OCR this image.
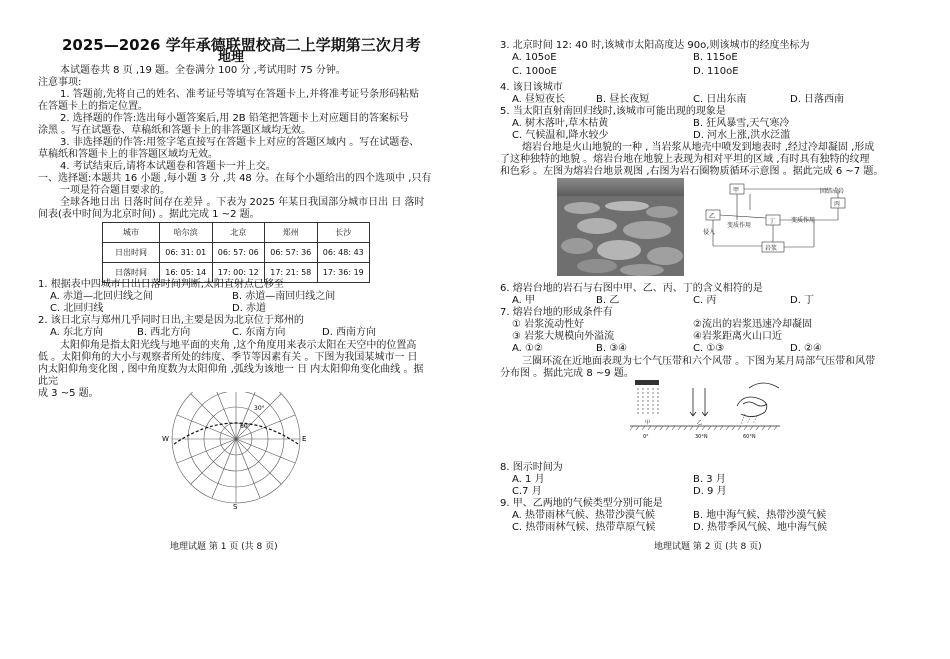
2025—2026 学年承德联盟校高二上学期第三次月考
地理
本试题卷共 8 页 ,19 题。全卷满分 100 分 ,考试用时 75 分钟。
注意事项:
1. 答题前,先将自己的姓名、准考证号等填写在答题卡上,并将准考证号条形码粘贴
在答题卡上的指定位置。
2. 选择题的作答:选出每小题答案后,用 2B 铅笔把答题卡上对应题目的答案标号
涂黑 。写在试题卷、草稿纸和答题卡上的非答题区域均无效。
3. 非选择题的作答:用签字笔直接写在答题卡上对应的答题区域内 。写在试题卷、
草稿纸和答题卡上的非答题区域均无效。
4. 考试结束后,请将本试题卷和答题卡一并上交。
一、选择题:本题共 16 小题 ,每小题 3 分 ,共 48 分。在每个小题给出的四个选项中 ,只有
一项是符合题目要求的。
全球各地日出 日落时间存在差异 。下表为 2025 年某日我国部分城市日出 日 落时
间表(表中时间为北京时间) 。据此完成 1 ~2 题。
城市	哈尔滨	北京	郑州	长沙
日出时间	06: 31: 01	06: 57: 06	06: 57: 36	06: 48: 43
日落时间	16: 05: 14	17: 00: 12	17: 21: 58	17: 36: 19
1. 根据表中四城市日出日落时间判断,太阳直射点已移至
A. 赤道—北回归线之间	B. 赤道—南回归线之间
C. 北回归线	D. 赤道
2. 该日北京与郑州几乎同时日出,主要是因为北京位于郑州的
A. 东北方向	B. 西北方向	C. 东南方向	D. 西南方向
太阳仰角是指太阳光线与地平面的夹角 ,这个角度用来表示太阳在天空中的位置高
低 。太阳仰角的大小与观察者所处的纬度、季节等因素有关 。下图为我国某城市一 日
内太阳仰角变化图 , 图中角度数为太阳仰角 ,弧线为该地一 日 内太阳仰角变化曲线 。据
此完
成 3 ~5 题。
W	E
S
30°
60°
地理试题 第 1 页 (共 8 页)
3. 北京时间 12: 40 时,该城市太阳高度达 90o,则该城市的经度坐标为
A. 105oE	B. 115oE
C. 100oE	D. 110oE
4. 该日该城市
A. 昼短夜长	B. 昼长夜短	C. 日出东南	D. 日落西南
5. 当太阳直射南回归线时,该城市可能出现的现象是
A. 树木落叶,草木枯黄	B. 狂风暴雪,天气寒冷
C. 气候温和,降水较少	D. 河水上涨,洪水泛滥
熔岩台地是火山地貌的一种 , 当岩浆从地壳中喷发到地表时 ,经过冷却凝固 ,形成
了这种独特的地貌 。熔岩台地在地貌上表现为相对平坦的区域 ,有时具有独特的纹理
和色彩 。左图为熔岩台地景观图 ,右图为岩石圈物质循环示意图 。据此完成 6 ~7 题。
乙
甲
丙
丁
岩浆
固结成岩
侵入
变质作用
变质作用
6. 熔岩台地的岩石与右图中甲、乙、丙、丁的含义相符的是
A. 甲	B. 乙	C. 丙	D. 丁
7. 熔岩台地的形成条件有
① 岩浆流动性好	②流出的岩浆迅速冷却凝固
③ 岩浆大规模向外溢流	④岩浆距离火山口近
A. ①②	B. ③④	C. ①③	D. ②④
三圈环流在近地面表现为七个气压带和六个风带 。下图为某月局部气压带和风带
分布图 。据此完成 8 ~9 题。
甲	乙
0°	30°N	60°N
8. 图示时间为
A. 1 月	B. 3 月
C.7 月	D. 9 月
9. 甲、乙两地的气候类型分别可能是
A. 热带雨林气候、热带沙漠气候	B. 地中海气候、热带沙漠气候
C. 热带雨林气候、热带草原气候	D. 热带季风气候、地中海气候
地理试题 第 2 页 (共 8 页)
